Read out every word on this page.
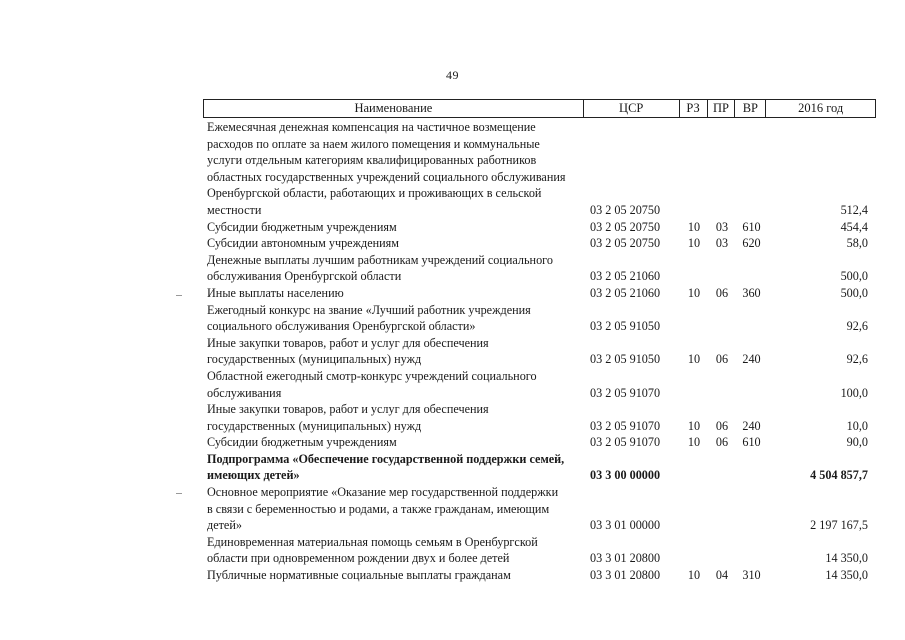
49
Наименование	ЦСР	РЗ	ПР	ВР	2016 год
Ежемесячная денежная компенсация на частичное возмещение
расходов по оплате за наем жилого помещения и коммунальные
услуги отдельным категориям квалифицированных работников
областных государственных учреждений социального обслуживания
Оренбургской области, работающих и проживающих в сельской
местности	03 2 05 20750	512,4
Субсидии бюджетным учреждениям	03 2 05 20750	10	03	610	454,4
Субсидии автономным учреждениям	03 2 05 20750	10	03	620	58,0
Денежные выплаты лучшим работникам учреждений социального
обслуживания Оренбургской области	03 2 05 21060	500,0
Иные выплаты населению	03 2 05 21060	10	06	360	500,0
Ежегодный конкурс на звание «Лучший работник учреждения
социального обслуживания Оренбургской области»	03 2 05 91050	92,6
Иные закупки товаров, работ и услуг для обеспечения
государственных (муниципальных) нужд	03 2 05 91050	10	06	240	92,6
Областной ежегодный смотр-конкурс учреждений социального
обслуживания	03 2 05 91070	100,0
Иные закупки товаров, работ и услуг для обеспечения
государственных (муниципальных) нужд	03 2 05 91070	10	06	240	10,0
Субсидии бюджетным учреждениям	03 2 05 91070	10	06	610	90,0
Подпрограмма «Обеспечение государственной поддержки семей,
имеющих детей»	03 3 00 00000	4 504 857,7
Основное мероприятие «Оказание мер государственной поддержки
в связи с беременностью и родами, а также гражданам, имеющим
детей»	03 3 01 00000	2 197 167,5
Единовременная материальная помощь семьям в Оренбургской
области при одновременном рождении двух и более детей	03 3 01 20800	14 350,0
Публичные нормативные социальные выплаты гражданам	03 3 01 20800	10	04	310	14 350,0
